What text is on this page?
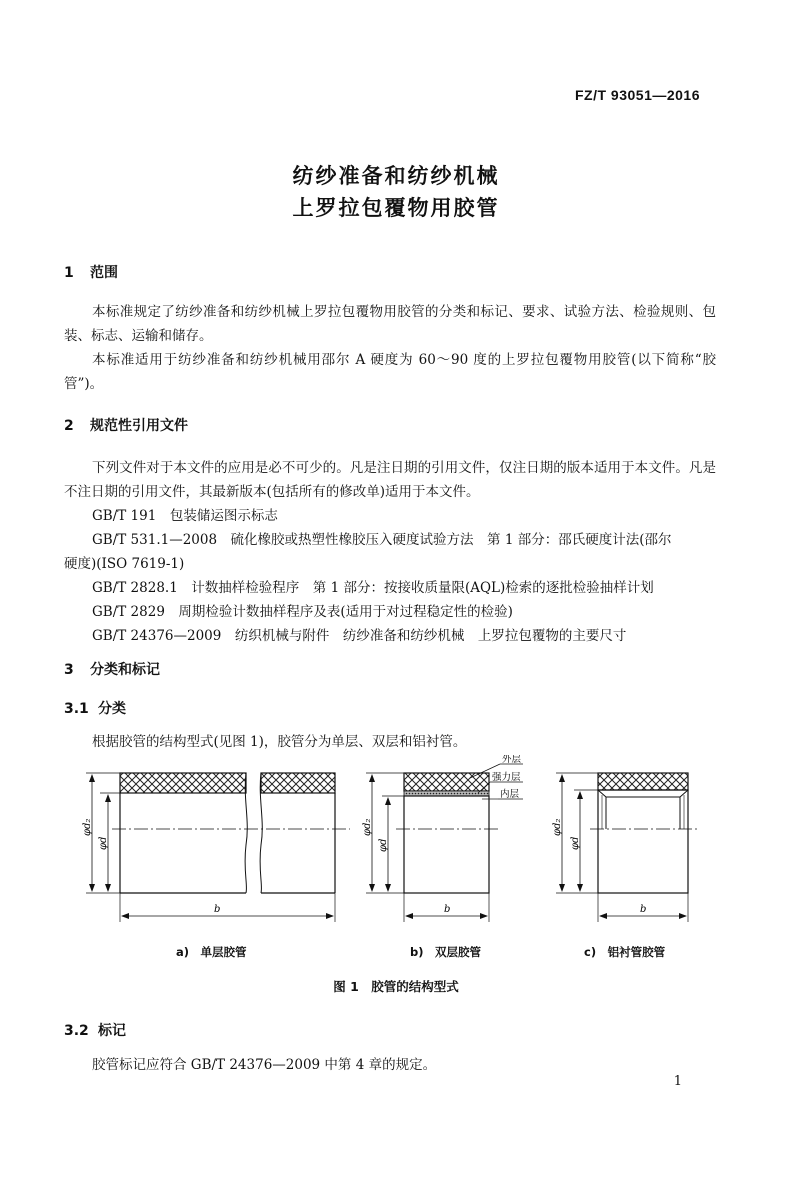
FZ/T 93051—2016
纺纱准备和纺纱机械
上罗拉包覆物用胶管
1 范围

本标准规定了纺纱准备和纺纱机械上罗拉包覆物用胶管的分类和标记、要求、试验方法、检验规则、包装、标志、运输和储存。

本标准适用于纺纱准备和纺纱机械用邵尔 A 硬度为 60～90 度的上罗拉包覆物用胶管(以下简称“胶管”)。

2 规范性引用文件

下列文件对于本文件的应用是必不可少的。凡是注日期的引用文件，仅注日期的版本适用于本文件。凡是不注日期的引用文件，其最新版本(包括所有的修改单)适用于本文件。

GB/T 191　包装储运图示标志
GB/T 531.1—2008　硫化橡胶或热塑性橡胶压入硬度试验方法　第 1 部分：邵氏硬度计法(邵尔
硬度)(ISO 7619-1)
GB/T 2828.1　计数抽样检验程序　第 1 部分：按接收质量限(AQL)检索的逐批检验抽样计划
GB/T 2829　周期检验计数抽样程序及表(适用于对过程稳定性的检验)
GB/T 24376—2009　纺织机械与附件　纺纱准备和纺纱机械　上罗拉包覆物的主要尺寸
3 分类和标记
3.1 分类

根据胶管的结构型式(见图 1)，胶管分为单层、双层和铝衬管。

b
φd₂
φd
外层
强力层
内层
b
φd₂
φd
b
φd₂
φd
a)　单层胶管	b)　双层胶管	c)　铝衬管胶管
图 1　胶管的结构型式
3.2 标记

胶管标记应符合 GB/T 24376—2009 中第 4 章的规定。

1
